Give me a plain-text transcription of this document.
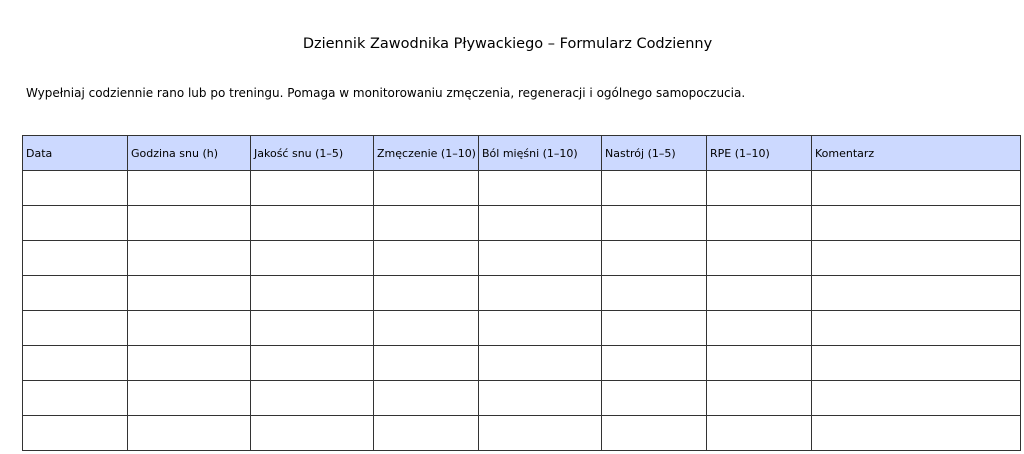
Dziennik Zawodnika Pływackiego – Formularz Codzienny
Wypełniaj codziennie rano lub po treningu. Pomaga w monitorowaniu zmęczenia, regeneracji i ogólnego samopoczucia.
Data	Godzina snu (h)	Jakość snu (1–5)	Zmęczenie (1–10)	Ból mięśni (1–10)	Nastrój (1–5)	RPE (1–10)	Komentarz
